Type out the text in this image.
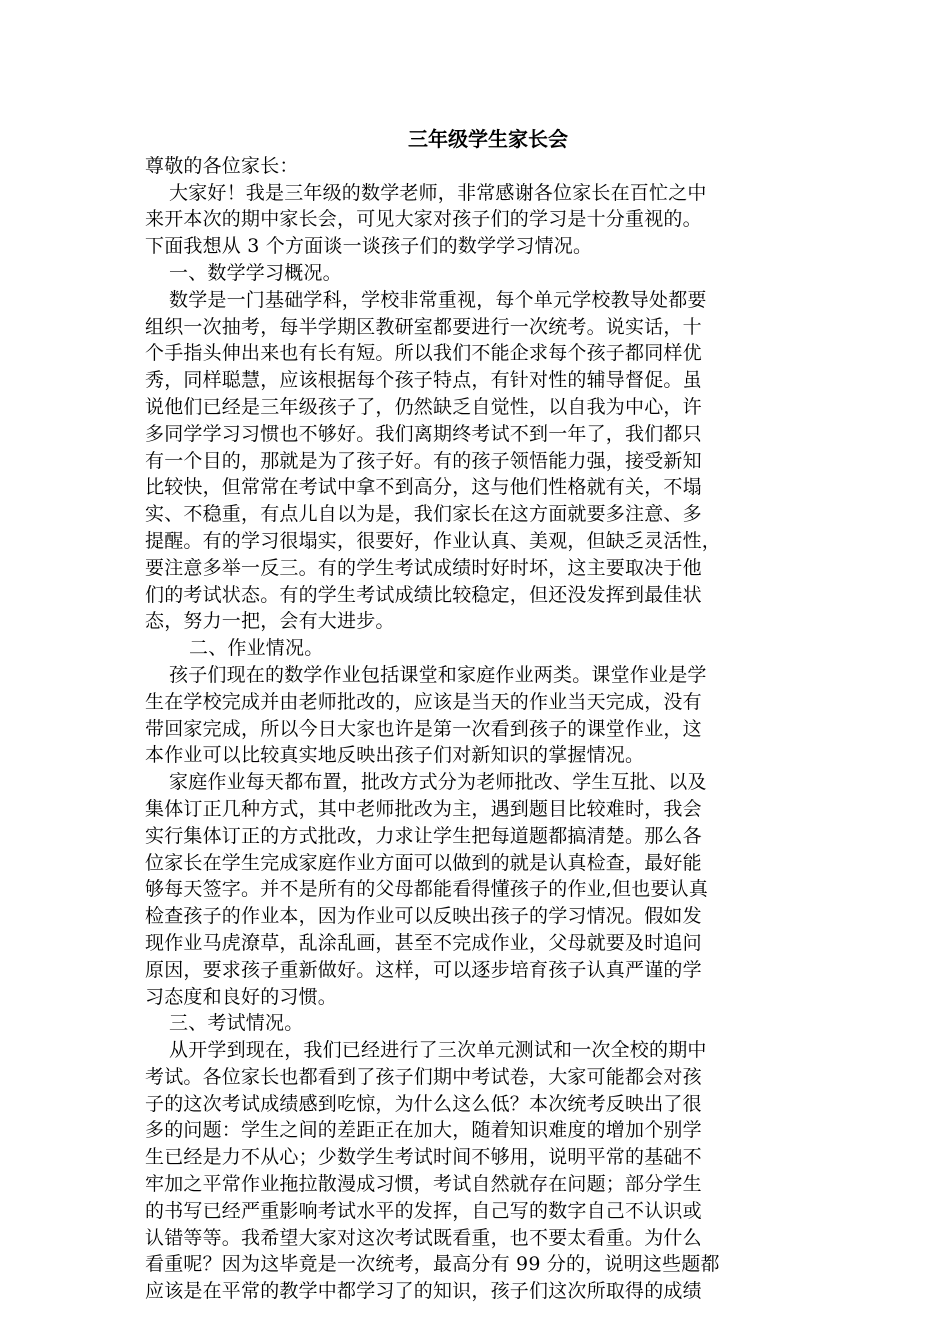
三年级学生家长会

尊敬的各位家长：

大家好！我是三年级的数学老师，非常感谢各位家长在百忙之中

来开本次的期中家长会，可见大家对孩子们的学习是十分重视的。

下面我想从 3 个方面谈一谈孩子们的数学学习情况。

一、数学学习概况。

数学是一门基础学科，学校非常重视，每个单元学校教导处都要

组织一次抽考，每半学期区教研室都要进行一次统考。说实话，十

个手指头伸出来也有长有短。所以我们不能企求每个孩子都同样优

秀，同样聪慧，应该根据每个孩子特点，有针对性的辅导督促。虽

说他们已经是三年级孩子了，仍然缺乏自觉性，以自我为中心，许

多同学学习习惯也不够好。我们离期终考试不到一年了，我们都只

有一个目的，那就是为了孩子好。有的孩子领悟能力强，接受新知

比较快，但常常在考试中拿不到高分，这与他们性格就有关，不塌

实、不稳重，有点儿自以为是，我们家长在这方面就要多注意、多

提醒。有的学习很塌实，很要好，作业认真、美观，但缺乏灵活性，

要注意多举一反三。有的学生考试成绩时好时坏，这主要取决于他

们的考试状态。有的学生考试成绩比较稳定，但还没发挥到最佳状

态，努力一把，会有大进步。

二、作业情况。

孩子们现在的数学作业包括课堂和家庭作业两类。课堂作业是学

生在学校完成并由老师批改的，应该是当天的作业当天完成，没有

带回家完成，所以今日大家也许是第一次看到孩子的课堂作业，这

本作业可以比较真实地反映出孩子们对新知识的掌握情况。

家庭作业每天都布置，批改方式分为老师批改、学生互批、以及

集体订正几种方式，其中老师批改为主，遇到题目比较难时，我会

实行集体订正的方式批改，力求让学生把每道题都搞清楚。那么各

位家长在学生完成家庭作业方面可以做到的就是认真检查，最好能

够每天签字。并不是所有的父母都能看得懂孩子的作业,但也要认真

检查孩子的作业本，因为作业可以反映出孩子的学习情况。假如发

现作业马虎潦草，乱涂乱画，甚至不完成作业，父母就要及时追问

原因，要求孩子重新做好。这样，可以逐步培育孩子认真严谨的学

习态度和良好的习惯。

三、考试情况。

从开学到现在，我们已经进行了三次单元测试和一次全校的期中

考试。各位家长也都看到了孩子们期中考试卷，大家可能都会对孩

子的这次考试成绩感到吃惊，为什么这么低？本次统考反映出了很

多的问题：学生之间的差距正在加大，随着知识难度的增加个别学

生已经是力不从心；少数学生考试时间不够用，说明平常的基础不

牢加之平常作业拖拉散漫成习惯，考试自然就存在问题；部分学生

的书写已经严重影响考试水平的发挥，自己写的数字自己不认识或

认错等等。我希望大家对这次考试既看重，也不要太看重。为什么

看重呢？因为这毕竟是一次统考，最高分有 99 分的，说明这些题都

应该是在平常的教学中都学习了的知识，孩子们这次所取得的成绩
